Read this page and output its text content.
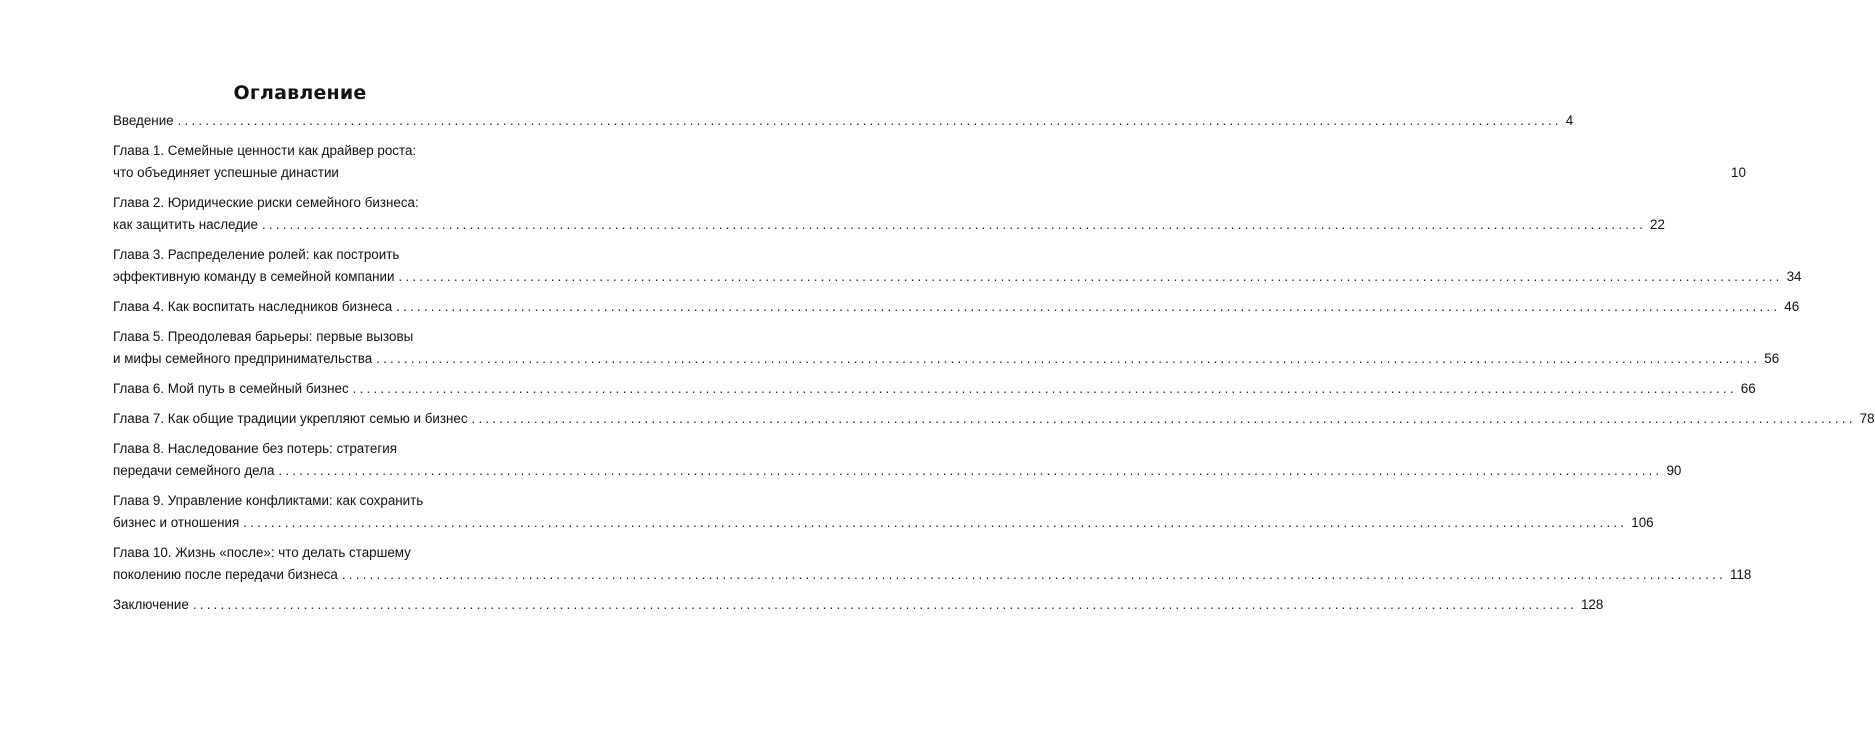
Оглавление
Введение ........................................................................................................................................................................................................ 4
Глава 1. Семейные ценности как драйвер роста:
что объединяет успешные династии	10
Глава 2. Юридические риски семейного бизнеса:
как защитить наследие ........................................................................................................................................................................................................ 22
Глава 3. Распределение ролей: как построить
эффективную команду в семейной компании ........................................................................................................................................................................................................ 34
Глава 4. Как воспитать наследников бизнеса ........................................................................................................................................................................................................ 46
Глава 5. Преодолевая барьеры: первые вызовы
и мифы семейного предпринимательства ........................................................................................................................................................................................................ 56
Глава 6. Мой путь в семейный бизнес ........................................................................................................................................................................................................ 66
Глава 7. Как общие традиции укрепляют семью и бизнес ........................................................................................................................................................................................................ 78
Глава 8. Наследование без потерь: стратегия
передачи семейного дела ........................................................................................................................................................................................................ 90
Глава 9. Управление конфликтами: как сохранить
бизнес и отношения ........................................................................................................................................................................................................ 106
Глава 10. Жизнь «после»: что делать старшему
поколению после передачи бизнеса ........................................................................................................................................................................................................ 118
Заключение ........................................................................................................................................................................................................ 128
